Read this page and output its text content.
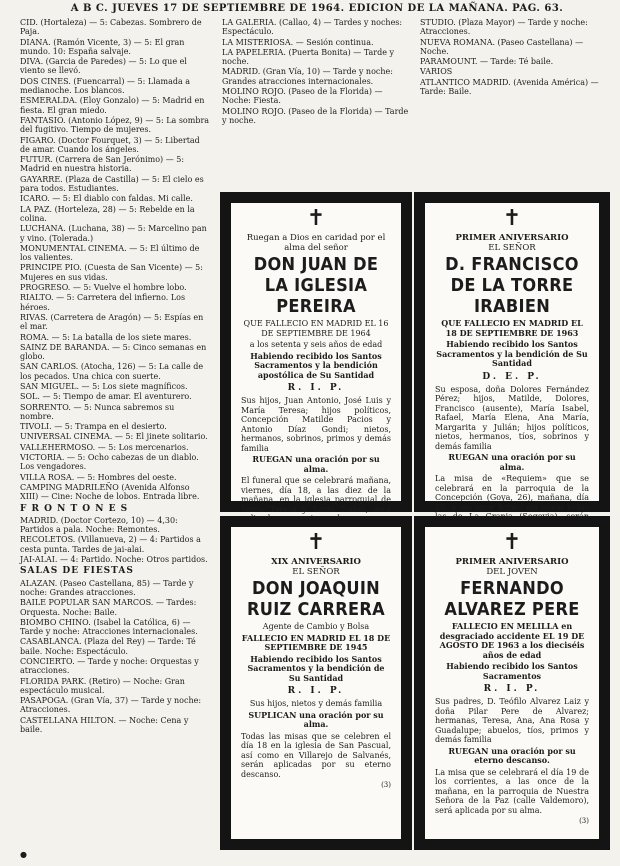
A B C. JUEVES 17 DE SEPTIEMBRE DE 1964. EDICION DE LA MAÑANA. PAG. 63.

CID. (Hortaleza) — 5: Cabezas. Sombrero de Paja.

DIANA. (Ramón Vicente, 3) — 5: El gran mundo. 10: España salvaje.

DIVA. (Garcia de Paredes) — 5: Lo que el viento se llevó.

DOS CINES. (Fuencarral) — 5: Llamada a medianoche. Los blancos.

ESMERALDA. (Eloy Gonzalo) — 5: Madrid en fiesta. El gran miedo.

FANTASIO. (Antonio López, 9) — 5: La sombra del fugitivo. Tiempo de mujeres.

FIGARO. (Doctor Fourquet, 3) — 5: Libertad de amar. Cuando los ángeles.

FUTUR. (Carrera de San Jerónimo) — 5: Madrid en nuestra historia.

GAYARRE. (Plaza de Castilla) — 5: El cielo es para todos. Estudiantes.

ICARO. — 5: El diablo con faldas. Mi calle.

LA PAZ. (Horteleza, 28) — 5: Rebelde en la colina.

LUCHANA. (Luchana, 38) — 5: Marcelino pan y vino. (Tolerada.)

MONUMENTAL CINEMA. — 5: El último de los valientes.

PRINCIPE PIO. (Cuesta de San Vicente) — 5: Mujeres en sus vidas.

PROGRESO. — 5: Vuelve el hombre lobo.

RIALTO. — 5: Carretera del infierno. Los héroes.

RIVAS. (Carretera de Aragón) — 5: Espías en el mar.

ROMA. — 5: La batalla de los siete mares.

SAINZ DE BARANDA. — 5: Cinco semanas en globo.

SAN CARLOS. (Atocha, 126) — 5: La calle de los pecados. Una chica con suerte.

SAN MIGUEL. — 5: Los siete magníficos.

SOL. — 5: Tiempo de amar. El aventurero.

SORRENTO. — 5: Nunca sabremos su nombre.

TIVOLI. — 5: Trampa en el desierto.

UNIVERSAL CINEMA. — 5: El jinete solitario.

VALLEHERMOSO. — 5: Los mercenarios.

VICTORIA. — 5: Ocho cabezas de un diablo. Los vengadores.

VILLA ROSA. — 5: Hombres del oeste.

CAMPING MADRILEÑO (Avenida Alfonso XIII) — Cine: Noche de lobos. Entrada libre.

F R O N T O N E S

MADRID. (Doctor Cortezo, 10) — 4,30: Partidos a pala. Noche: Remontes.

RECOLETOS. (Villanueva, 2) — 4: Partidos a cesta punta. Tardes de jai-alai.

JAI-ALAI. — 4: Partido. Noche: Otros partidos.

SALAS DE FIESTAS

ALAZAN. (Paseo Castellana, 85) — Tarde y noche: Grandes atracciones.

BAILE POPULAR SAN MARCOS. — Tardes: Orquesta. Noche: Baile.

BIOMBO CHINO. (Isabel la Católica, 6) — Tarde y noche: Atracciones internacionales.

CASABLANCA. (Plaza del Rey) — Tarde: Té baile. Noche: Espectáculo.

CONCIERTO. — Tarde y noche: Orquestas y atracciones.

FLORIDA PARK. (Retiro) — Noche: Gran espectáculo musical.

PASAPOGA. (Gran Vía, 37) — Tarde y noche: Atracciones.

CASTELLANA HILTON. — Noche: Cena y baile.

LA GALERIA. (Callao, 4) — Tardes y noches: Espectáculo.

LA MISTERIOSA. — Sesión continua.

LA PAPELERIA. (Puerta Bonita) — Tarde y noche.

MADRID. (Gran Vía, 10) — Tarde y noche: Grandes atracciones internacionales.

MOLINO ROJO. (Paseo de la Florida) — Noche: Fiesta.

MOLINO ROJO. (Paseo de la Florida) — Tarde y noche.

STUDIO. (Plaza Mayor) — Tarde y noche: Atracciones.

NUEVA ROMANA. (Paseo Castellana) — Noche.

PARAMOUNT. — Tarde: Té baile.

VARIOS

ATLANTICO MADRID. (Avenida América) — Tarde: Baile.

✝

Ruegan a Dios en caridad por el alma del señor

DON JUAN DE LA IGLESIA PEREIRA

QUE FALLECIO EN MADRID EL 16 DE SEPTIEMBRE DE 1964

a los setenta y seis años de edad

Habiendo recibido los Santos Sacramentos y la bendición apostólica de Su Santidad

R. I. P.

Sus hijos, Juan Antonio, José Luis y María Teresa; hijos políticos, Concepción Matilde Pacios y Antonio Díaz Gondi; nietos, hermanos, sobrinos, primos y demás familia

RUEGAN una oración por su alma.

El funeral que se celebrará mañana, viernes, día 18, a las diez de la mañana, en la iglesia parroquial de Santa Teresa y Santa Isabel, será

✝

PRIMER ANIVERSARIO

EL SEÑOR

D. FRANCISCO DE LA TORRE IRABIEN

QUE FALLECIO EN MADRID EL 18 DE SEPTIEMBRE DE 1963

Habiendo recibido los Santos Sacramentos y la bendición de Su Santidad

D. E. P.

Su esposa, doña Dolores Fernández Pérez; hijos, Matilde, Dolores, Francisco (ausente), María Isabel, Rafael, María Elena, Ana María, Margarita y Julián; hijos políticos, nietos, hermanos, tíos, sobrinos y demás familia

RUEGAN una oración por su alma.

La misa de «Requiem» que se celebrará en la parroquia de la Concepción (Goya, 26), mañana, día 18, a las once horas, así como todas

✝

XIX ANIVERSARIO

EL SEÑOR

DON JOAQUIN RUIZ CARRERA

Agente de Cambio y Bolsa

FALLECIO EN MADRID EL 18 DE SEPTIEMBRE DE 1945

Habiendo recibido los Santos Sacramentos y la bendición de Su Santidad

R. I. P.

Sus hijos, nietos y demás familia

SUPLICAN una oración por su alma.

Todas las misas que se celebren el día 18 en la iglesia de San Pascual, así como en Villarejo de Salvanés, serán aplicadas por su eterno descanso.

(3)
✝

PRIMER ANIVERSARIO

DEL JOVEN

FERNANDO ALVAREZ PERE

FALLECIO EN MELILLA en desgraciado accidente EL 19 DE AGOSTO DE 1963 a los dieciséis años de edad

Habiendo recibido los Santos Sacramentos

R. I. P.

Sus padres, D. Teófilo Alvarez Laiz y doña Pilar Pere de Alvarez; hermanas, Teresa, Ana, Ana Rosa y Guadalupe; abuelos, tíos, primos y demás familia

RUEGAN una oración por su eterno descanso.

La misa que se celebrará el día 19 de los corrientes, a las once de la mañana, en la parroquia de Nuestra Señora de la Paz (calle Valdemoro), será aplicada por su alma.

(3)
●
